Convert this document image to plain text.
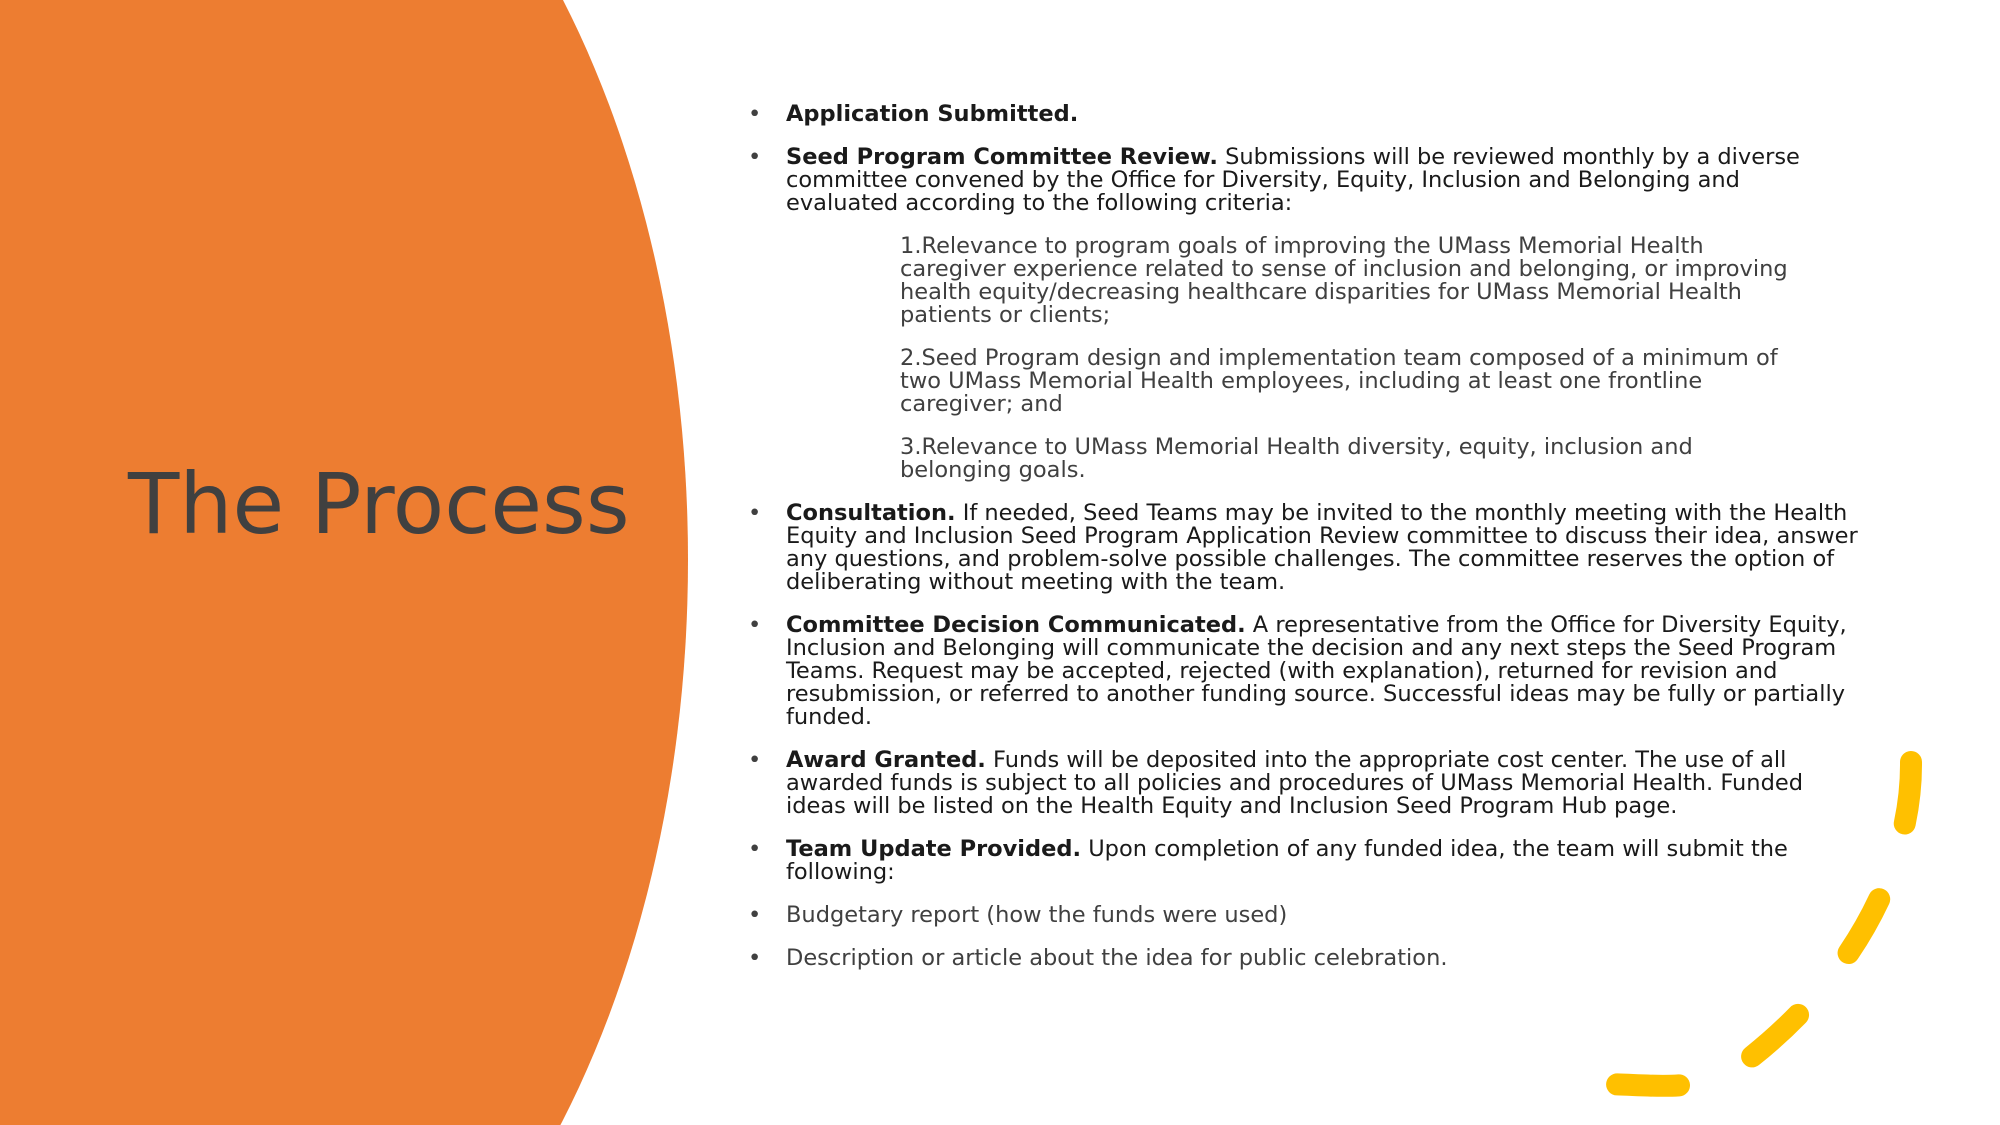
The Process
• Application Submitted.
• Seed Program Committee Review. Submissions will be reviewed monthly by a diverse committee convened by the Office for Diversity, Equity, Inclusion and Belonging and evaluated according to the following criteria:
1.Relevance to program goals of improving the UMass Memorial Health caregiver experience related to sense of inclusion and belonging, or improving health equity/decreasing healthcare disparities for UMass Memorial Health patients or clients;
2.Seed Program design and implementation team composed of a minimum of two UMass Memorial Health employees, including at least one frontline caregiver; and
3.Relevance to UMass Memorial Health diversity, equity, inclusion and belonging goals.
• Consultation. If needed, Seed Teams may be invited to the monthly meeting with the Health Equity and Inclusion Seed Program Application Review committee to discuss their idea, answer any questions, and problem-solve possible challenges. The committee reserves the option of deliberating without meeting with the team.
• Committee Decision Communicated. A representative from the Office for Diversity Equity, Inclusion and Belonging will communicate the decision and any next steps the Seed Program Teams. Request may be accepted, rejected (with explanation), returned for revision and resubmission, or referred to another funding source. Successful ideas may be fully or partially funded.
• Award Granted. Funds will be deposited into the appropriate cost center. The use of all awarded funds is subject to all policies and procedures of UMass Memorial Health. Funded ideas will be listed on the Health Equity and Inclusion Seed Program Hub page.
• Team Update Provided. Upon completion of any funded idea, the team will submit the following:
• Budgetary report (how the funds were used)
• Description or article about the idea for public celebration.
